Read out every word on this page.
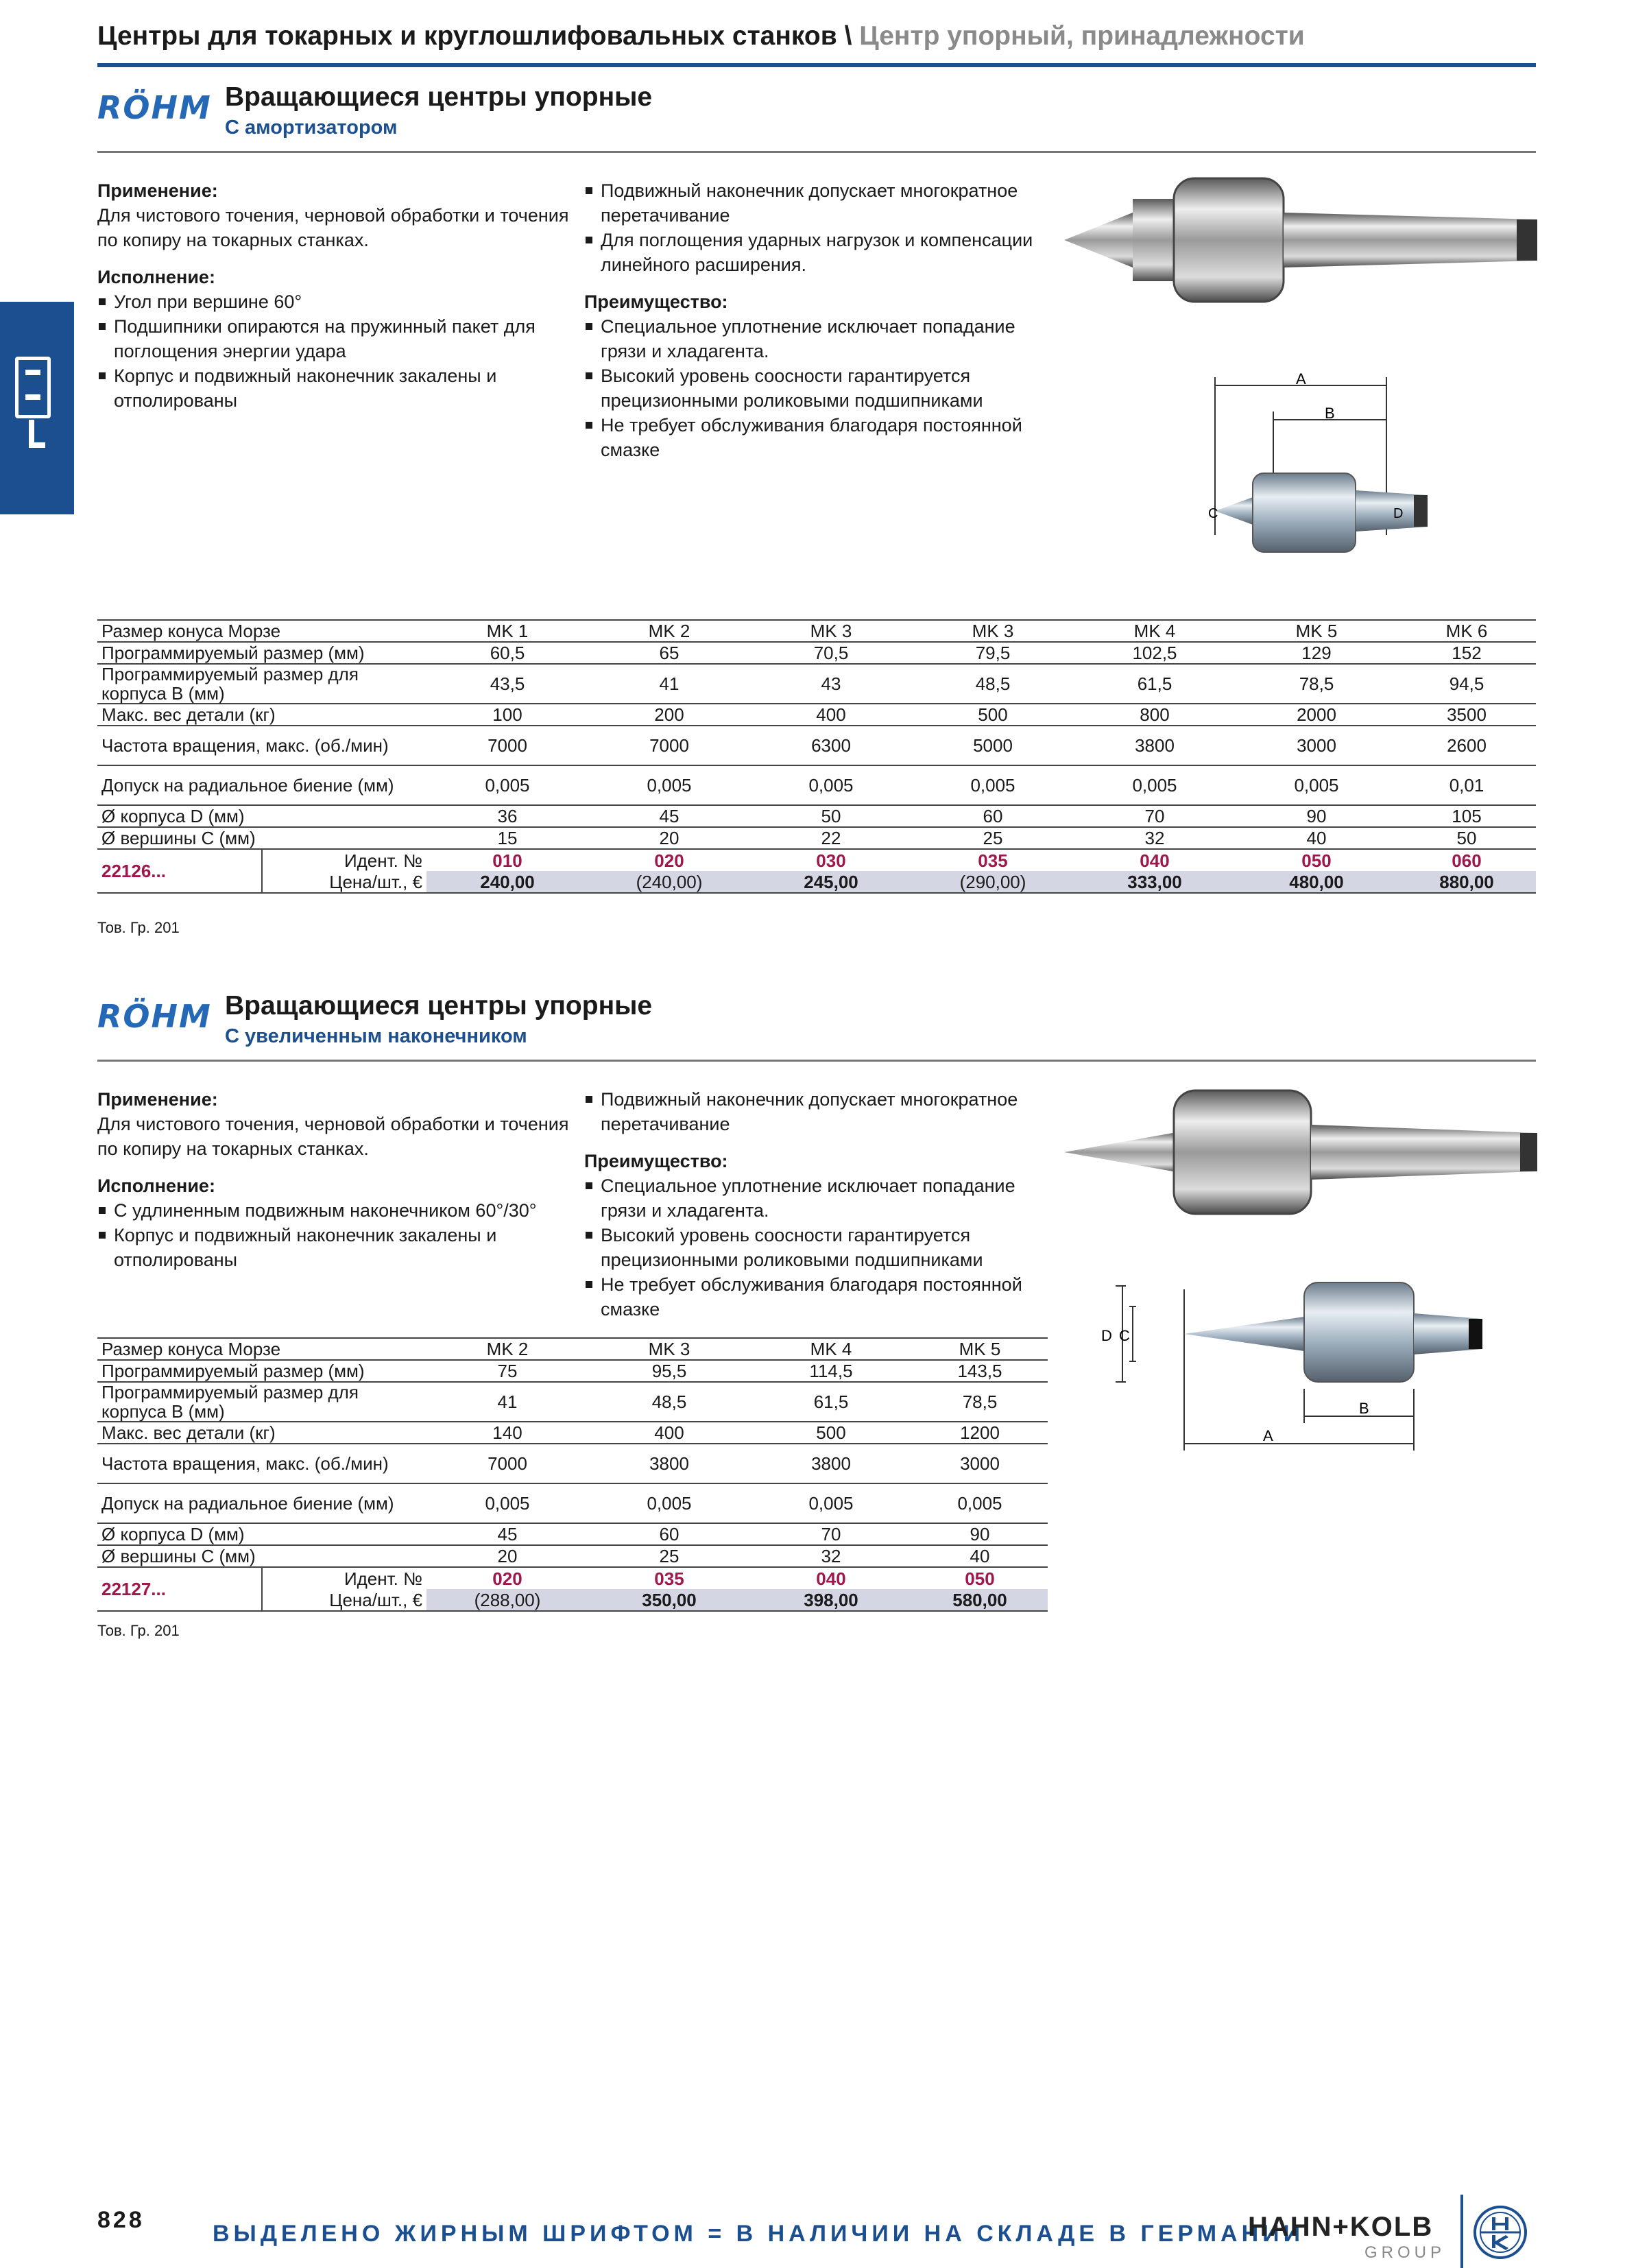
Центры для токарных и круглошлифовальных станков \ Центр упорный, принадлежности
RÖHM Вращающиеся центры упорные
С амортизатором
Применение:
Для чистового точения, черновой обработки и точения по копиру на токарных станках.
Исполнение:
Угол при вершине 60°
Подшипники опираются на пружинный пакет для поглощения энергии удара
Корпус и подвижный наконечник закалены и отполированы
Подвижный наконечник допускает многократное перетачивание
Для поглощения ударных нагрузок и компенсации линейного расширения.
Преимущество:
Специальное уплотнение исключает попадание грязи и хладагента.
Высокий уровень соосности гарантируется прецизионными роликовыми подшипниками
Не требует обслуживания благодаря постоянной смазке
A
B
C	D
Размер конуса Морзе		MK 1	MK 2	MK 3	MK 3	MK 4	MK 5	MK 6
Программируемый размер (мм)		60,5	65	70,5	79,5	102,5	129	152
Программируемый размер для корпуса B (мм)		43,5	41	43	48,5	61,5	78,5	94,5
Макс. вес детали (кг)		100	200	400	500	800	2000	3500
Частота вращения, макс. (об./мин)		7000	7000	6300	5000	3800	3000	2600
Допуск на радиальное биение (мм)		0,005	0,005	0,005	0,005	0,005	0,005	0,01
Ø корпуса D (мм)		36	45	50	60	70	90	105
Ø вершины C (мм)		15	20	22	25	32	40	50
22126...	Идент. №	010	020	030	035	040	050	060
	Цена/шт., €	240,00	(240,00)	245,00	(290,00)	333,00	480,00	880,00
Тов. Гр. 201
RÖHM Вращающиеся центры упорные
С увеличенным наконечником
Применение:
Для чистового точения, черновой обработки и точения по копиру на токарных станках.
Исполнение:
С удлиненным подвижным наконечником 60°/30°
Корпус и подвижный наконечник закалены и отполированы
Подвижный наконечник допускает многократное перетачивание
Преимущество:
Специальное уплотнение исключает попадание грязи и хладагента.
Высокий уровень соосности гарантируется прецизионными роликовыми подшипниками
Не требует обслуживания благодаря постоянной смазке
D C
B
A
Размер конуса Морзе		MK 2	MK 3	MK 4	MK 5
Программируемый размер (мм)		75	95,5	114,5	143,5
Программируемый размер для корпуса B (мм)		41	48,5	61,5	78,5
Макс. вес детали (кг)		140	400	500	1200
Частота вращения, макс. (об./мин)		7000	3800	3800	3000
Допуск на радиальное биение (мм)		0,005	0,005	0,005	0,005
Ø корпуса D (мм)		45	60	70	90
Ø вершины C (мм)		20	25	32	40
22127...	Идент. №	020	035	040	050
	Цена/шт., €	(288,00)	350,00	398,00	580,00
Тов. Гр. 201
828
ВЫДЕЛЕНО ЖИРНЫМ ШРИФТОМ = В НАЛИЧИИ НА СКЛАДЕ В ГЕРМАНИИ
HAHN+KOLB
GROUP
